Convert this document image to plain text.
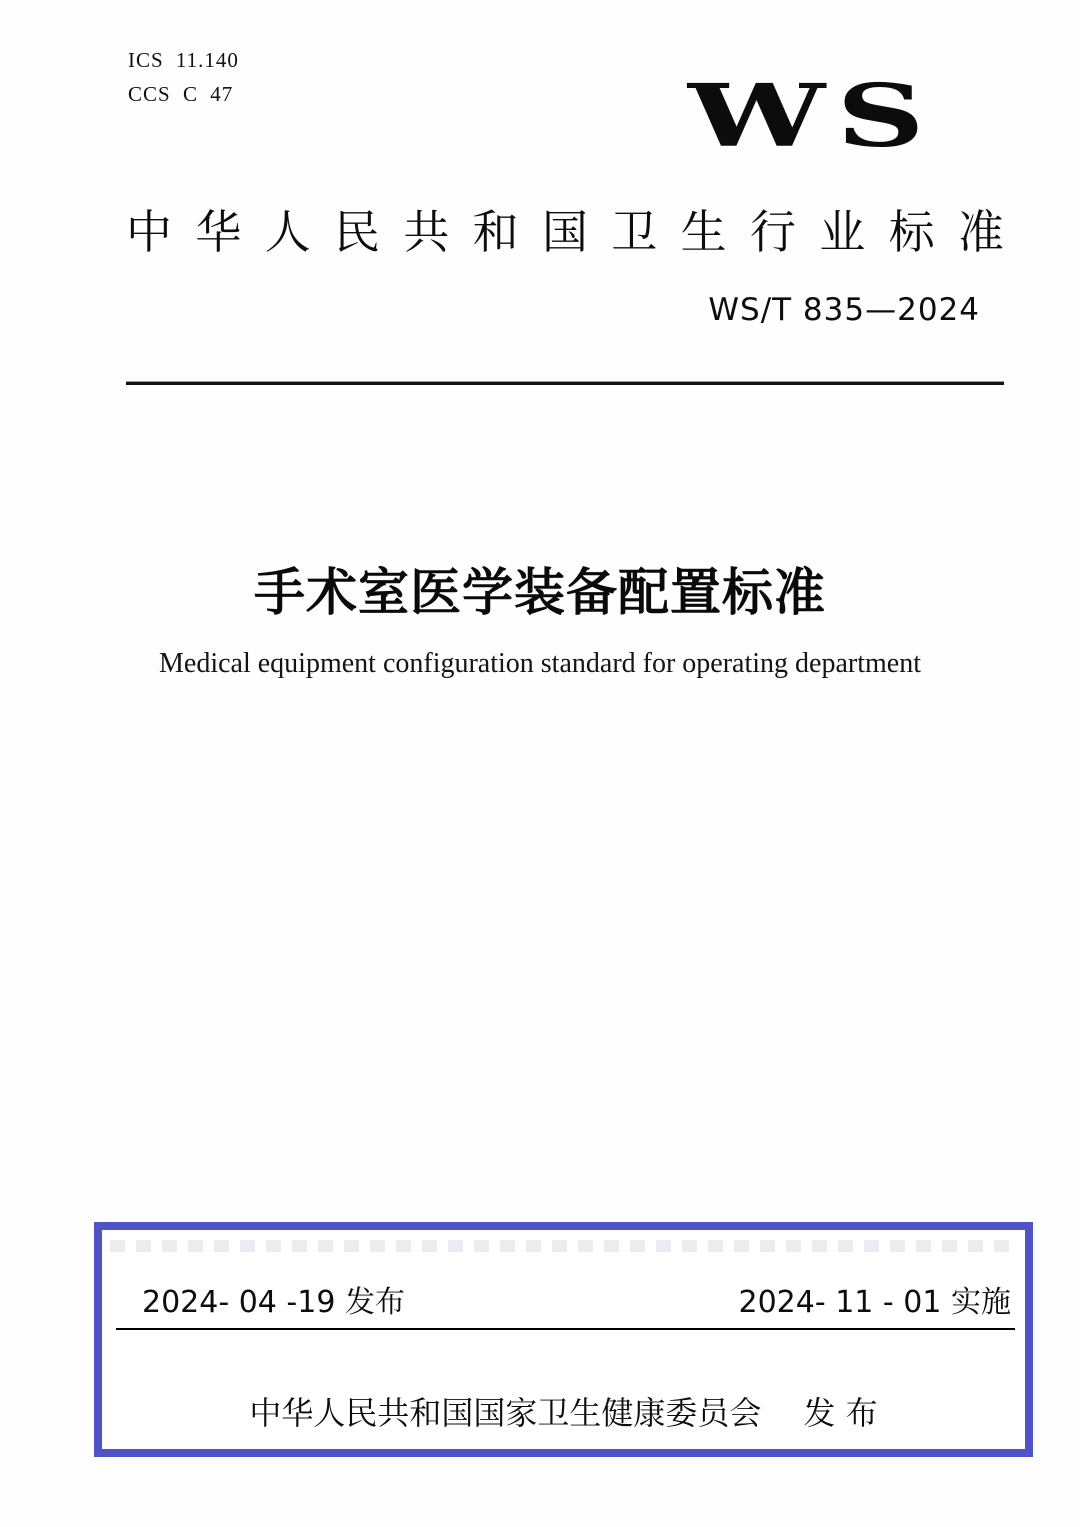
ICS 11.140
CCS C 47	WS
中 华 人 民 共 和 国 卫 生 行 业 标 准
WS/T 835—2024
手术室医学装备配置标准
Medical equipment configuration standard for operating department
2024- 04 -19 发布	2024- 11 - 01 实施
中华人民共和国国家卫生健康委员会 发 布
